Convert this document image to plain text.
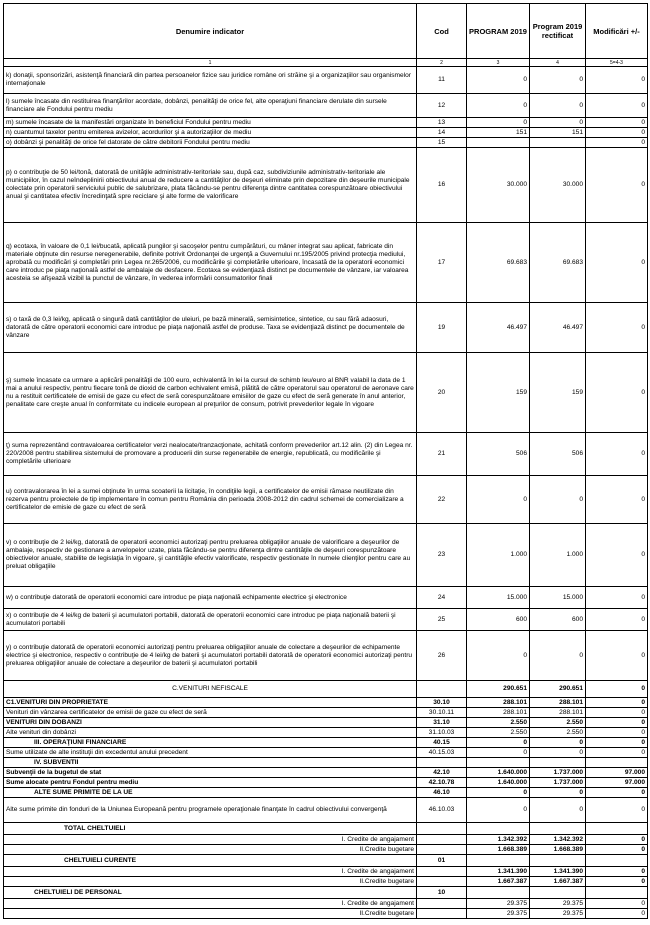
Denumire indicator	Cod	PROGRAM 2019	Program 2019 rectificat	Modificări +/-
1	2	3	4	5=4-3
k) donaţii, sponsorizări, asistenţă financiară din partea persoanelor fizice sau juridice române ori străine şi a organizaţiilor sau organismelor internaţionale	11	0	0	0
l) sumele încasate din restituirea finanţărilor acordate, dobânzi, penalităţi de orice fel, alte operaţiuni financiare derulate din sursele financiare ale Fondului pentru mediu	12	0	0	0
m) sumele încasate de la manifestări organizate în beneficiul Fondului pentru mediu	13	0	0	0
n) cuantumul taxelor pentru emiterea avizelor, acordurilor şi a autorizaţiilor de mediu	14	151	151	0
o) dobânzi şi penalităţi de orice fel datorate de către debitorii Fondului pentru mediu	15			0
p) o contribuţie de 50 lei/tonă, datorată de unităţile administrativ-teritoriale sau, după caz, subdiviziunile administrativ-teritoriale ale municipiilor, în cazul neîndeplinirii obiectivului anual de reducere a cantităţilor de deşeuri eliminate prin depozitare din deşeurile municipale colectate prin operatorii serviciului public de salubrizare, plata făcându-se pentru diferenţa dintre cantitatea corespunzătoare obiectivului anual şi cantitatea efectiv încredinţată spre reciclare şi alte forme de valorificare	16	30.000	30.000	0
q) ecotaxa, în valoare de 0,1 lei/bucată, aplicată pungilor şi sacoşelor pentru cumpărături, cu mâner integrat sau aplicat, fabricate din materiale obţinute din resurse neregenerabile, definite potrivit Ordonanţei de urgenţă a Guvernului nr.195/2005 privind protecţia mediului, aprobată cu modificări şi completări prin Legea nr.265/2006, cu modificările şi completările ulterioare, încasată de la operatorii economici care introduc pe piaţa naţională astfel de ambalaje de desfacere. Ecotaxa se evidenţiază distinct pe documentele de vânzare, iar valoarea acesteia se afişează vizibil la punctul de vânzare, în vederea informării consumatorilor finali	17	69.683	69.683	0
s) o taxă de 0,3 lei/kg, aplicată o singură dată cantităţilor de uleiuri, pe bază minerală, semisintetice, sintetice, cu sau fără adaosuri, datorată de către operatorii economici care introduc pe piaţa naţională astfel de produse. Taxa se evidenţiază distinct pe documentele de vânzare	19	46.497	46.497	0
ş) sumele încasate ca urmare a aplicării penalităţii de 100 euro, echivalentă în lei la cursul de schimb leu/euro al BNR valabil la data de 1 mai a anului respectiv, pentru fiecare tonă de dioxid de carbon echivalent emisă, plătită de către operatorul sau operatorul de aeronave care nu a restituit certificatele de emisii de gaze cu efect de seră corespunzătoare emisiilor de gaze cu efect de seră generate în anul anterior, penalitate care creşte anual în conformitate cu indicele european al preţurilor de consum, potrivit prevederilor legale în vigoare	20	159	159	0
ţ) suma reprezentând contravaloarea certificatelor verzi nealocate/tranzacţionate, achitată conform prevederilor art.12 alin. (2) din Legea nr. 220/2008 pentru stabilirea sistemului de promovare a producerii din surse regenerabile de energie, republicată, cu modificările şi completările ulterioare	21	506	506	0
u) contravalorarea în lei a sumei obţinute în urma scoaterii la licitaţie, în condiţiile legii, a certificatelor de emisii rămase neutilizate din rezerva pentru proiectele de tip implementare în comun pentru România din perioada 2008-2012 din cadrul schemei de comercializare a certificatelor de emisie de gaze cu efect de seră	22	0	0	0
v) o contribuţie de 2 lei/kg, datorată de operatorii economici autorizaţi pentru preluarea obligaţiilor anuale de valorificare a deşeurilor de ambalaje, respectiv de gestionare a anvelopelor uzate, plata făcându-se pentru diferenţa dintre cantităţile de deşeuri corespunzătoare obiectivelor anuale, stabilite de legislaţia în vigoare, şi cantităţile efectiv valorificate, respectiv gestionate în numele clienţilor pentru care au preluat obligaţiile	23	1.000	1.000	0
w) o contribuţie datorată de operatorii economici care introduc pe piaţa naţională echipamente electrice şi electronice	24	15.000	15.000	0
x) o contribuţie de 4 lei/kg de baterii şi acumulatori portabili, datorată de operatorii economici care introduc pe piaţa naţională baterii şi acumulatori portabili	25	600	600	0
y) o contribuţie datorată de operatorii economici autorizaţi pentru preluarea obligaţiilor anuale de colectare a deşeurilor de echipamente electrice şi electronice, respectiv o contribuţie de 4 lei/kg de baterii şi acumulatori portabili datorată de operatorii economici autorizaţi pentru preluarea obligaţiilor anuale de colectare a deşeurilor de baterii şi acumulatori portabili	26	0	0	0
C.VENITURI NEFISCALE		290.651	290.651	0
C1.VENITURI DIN PROPRIETATE	30.10	288.101	288.101	0
Venituri din vânzarea certificatelor de emisii de gaze cu efect de seră	30.10.11	288.101	288.101	0
VENITURI DIN DOBANZI	31.10	2.550	2.550	0
Alte venituri din dobânzi	31.10.03	2.550	2.550	0
III. OPERAŢIUNI FINANCIARE	40.15	0	0	0
Sume utilizate de alte instituţii din excedentul anului precedent	40.15.03	0	0	0
IV. SUBVENTII				
Subvenţii de la bugetul de stat	42.10	1.640.000	1.737.000	97.000
Sume alocate pentru Fondul pentru mediu	42.10.78	1.640.000	1.737.000	97.000
ALTE SUME PRIMITE DE LA UE	46.10	0	0	0
Alte sume primite din fonduri de la Uniunea Europeană pentru programele operaţionale finanţate în cadrul obiectivului convergenţă	46.10.03	0	0	0
TOTAL CHELTUIELI				
I. Credite de angajament		1.342.392	1.342.392	0
II.Credite bugetare		1.668.389	1.668.389	0
CHELTUIELI CURENTE	01			
I. Credite de angajament		1.341.390	1.341.390	0
II.Credite bugetare		1.667.387	1.667.387	0
CHELTUIELI DE PERSONAL	10			
I. Credite de angajament		29.375	29.375	0
II.Credite bugetare		29.375	29.375	0
